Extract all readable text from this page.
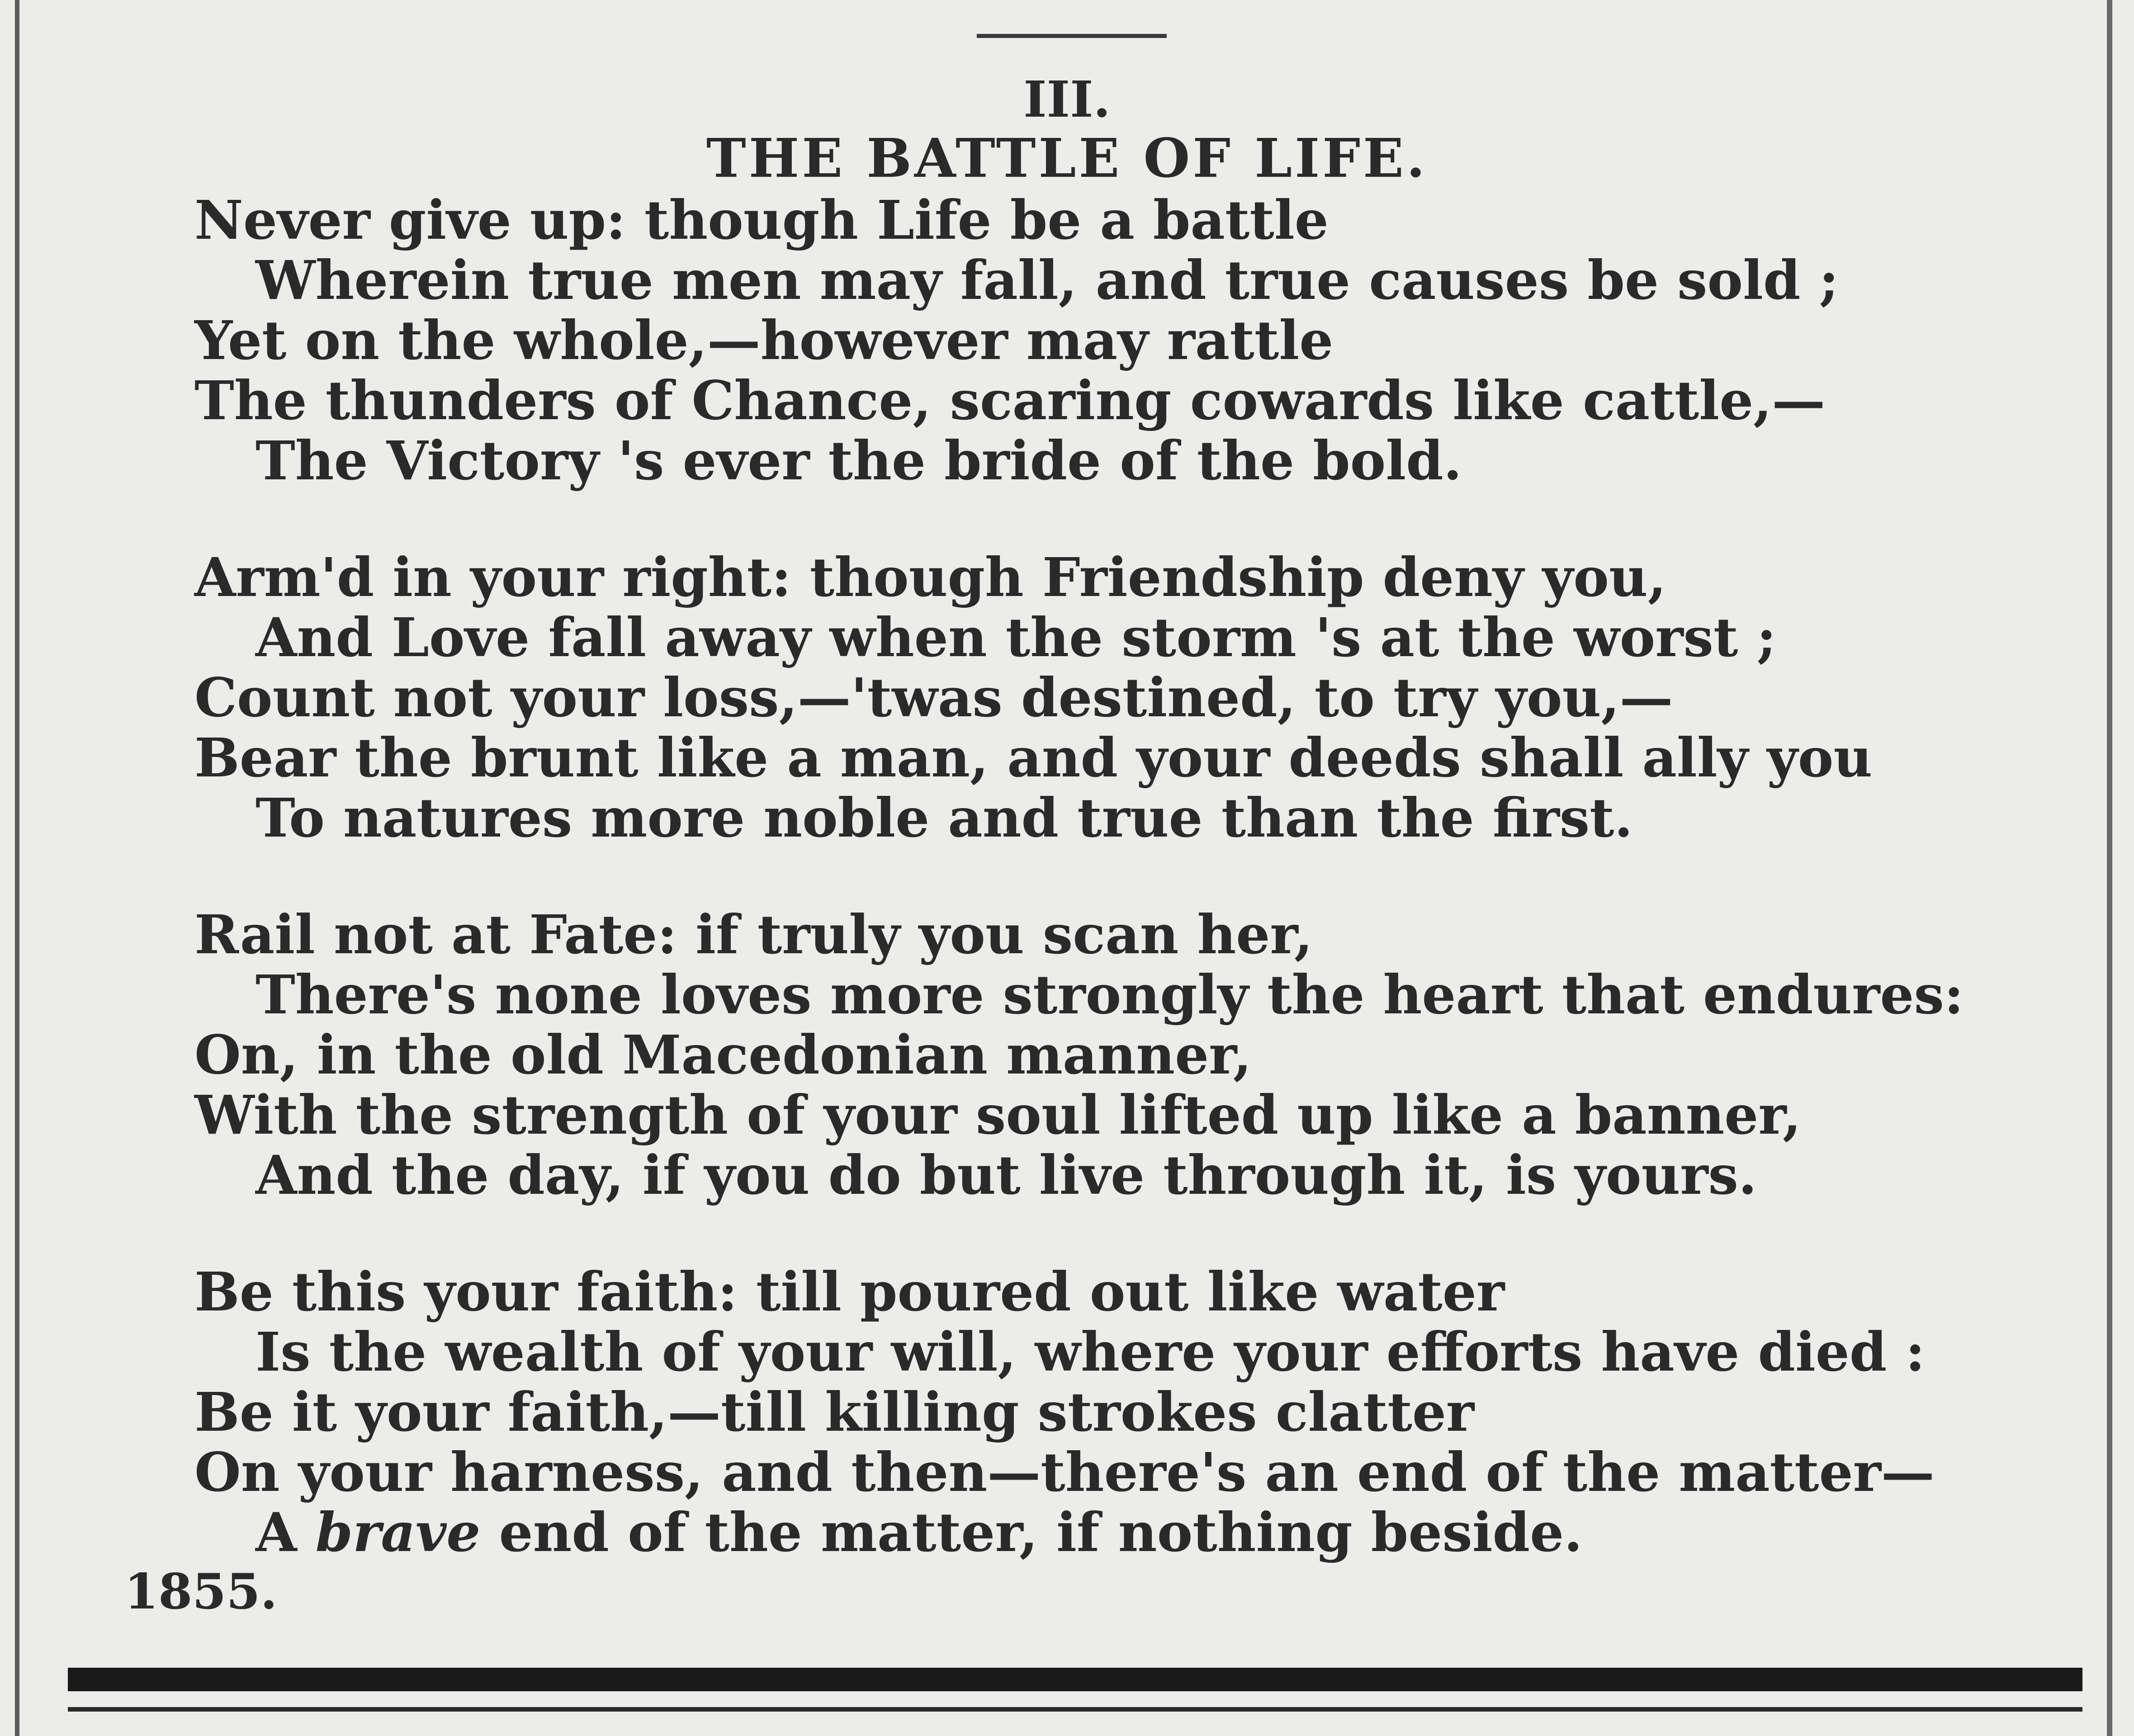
III.
THE BATTLE OF LIFE.
Never give up: though Life be a battle
Wherein true men may fall, and true causes be sold ;
Yet on the whole,—however may rattle
The thunders of Chance, scaring cowards like cattle,—
The Victory 's ever the bride of the bold.
Arm'd in your right: though Friendship deny you,
And Love fall away when the storm 's at the worst ;
Count not your loss,—'twas destined, to try you,—
Bear the brunt like a man, and your deeds shall ally you
To natures more noble and true than the first.
Rail not at Fate: if truly you scan her,
There's none loves more strongly the heart that endures:
On, in the old Macedonian manner,
With the strength of your soul lifted up like a banner,
And the day, if you do but live through it, is yours.
Be this your faith: till poured out like water
Is the wealth of your will, where your efforts have died :
Be it your faith,—till killing strokes clatter
On your harness, and then—there's an end of the matter—
A brave end of the matter, if nothing beside.
1855.
